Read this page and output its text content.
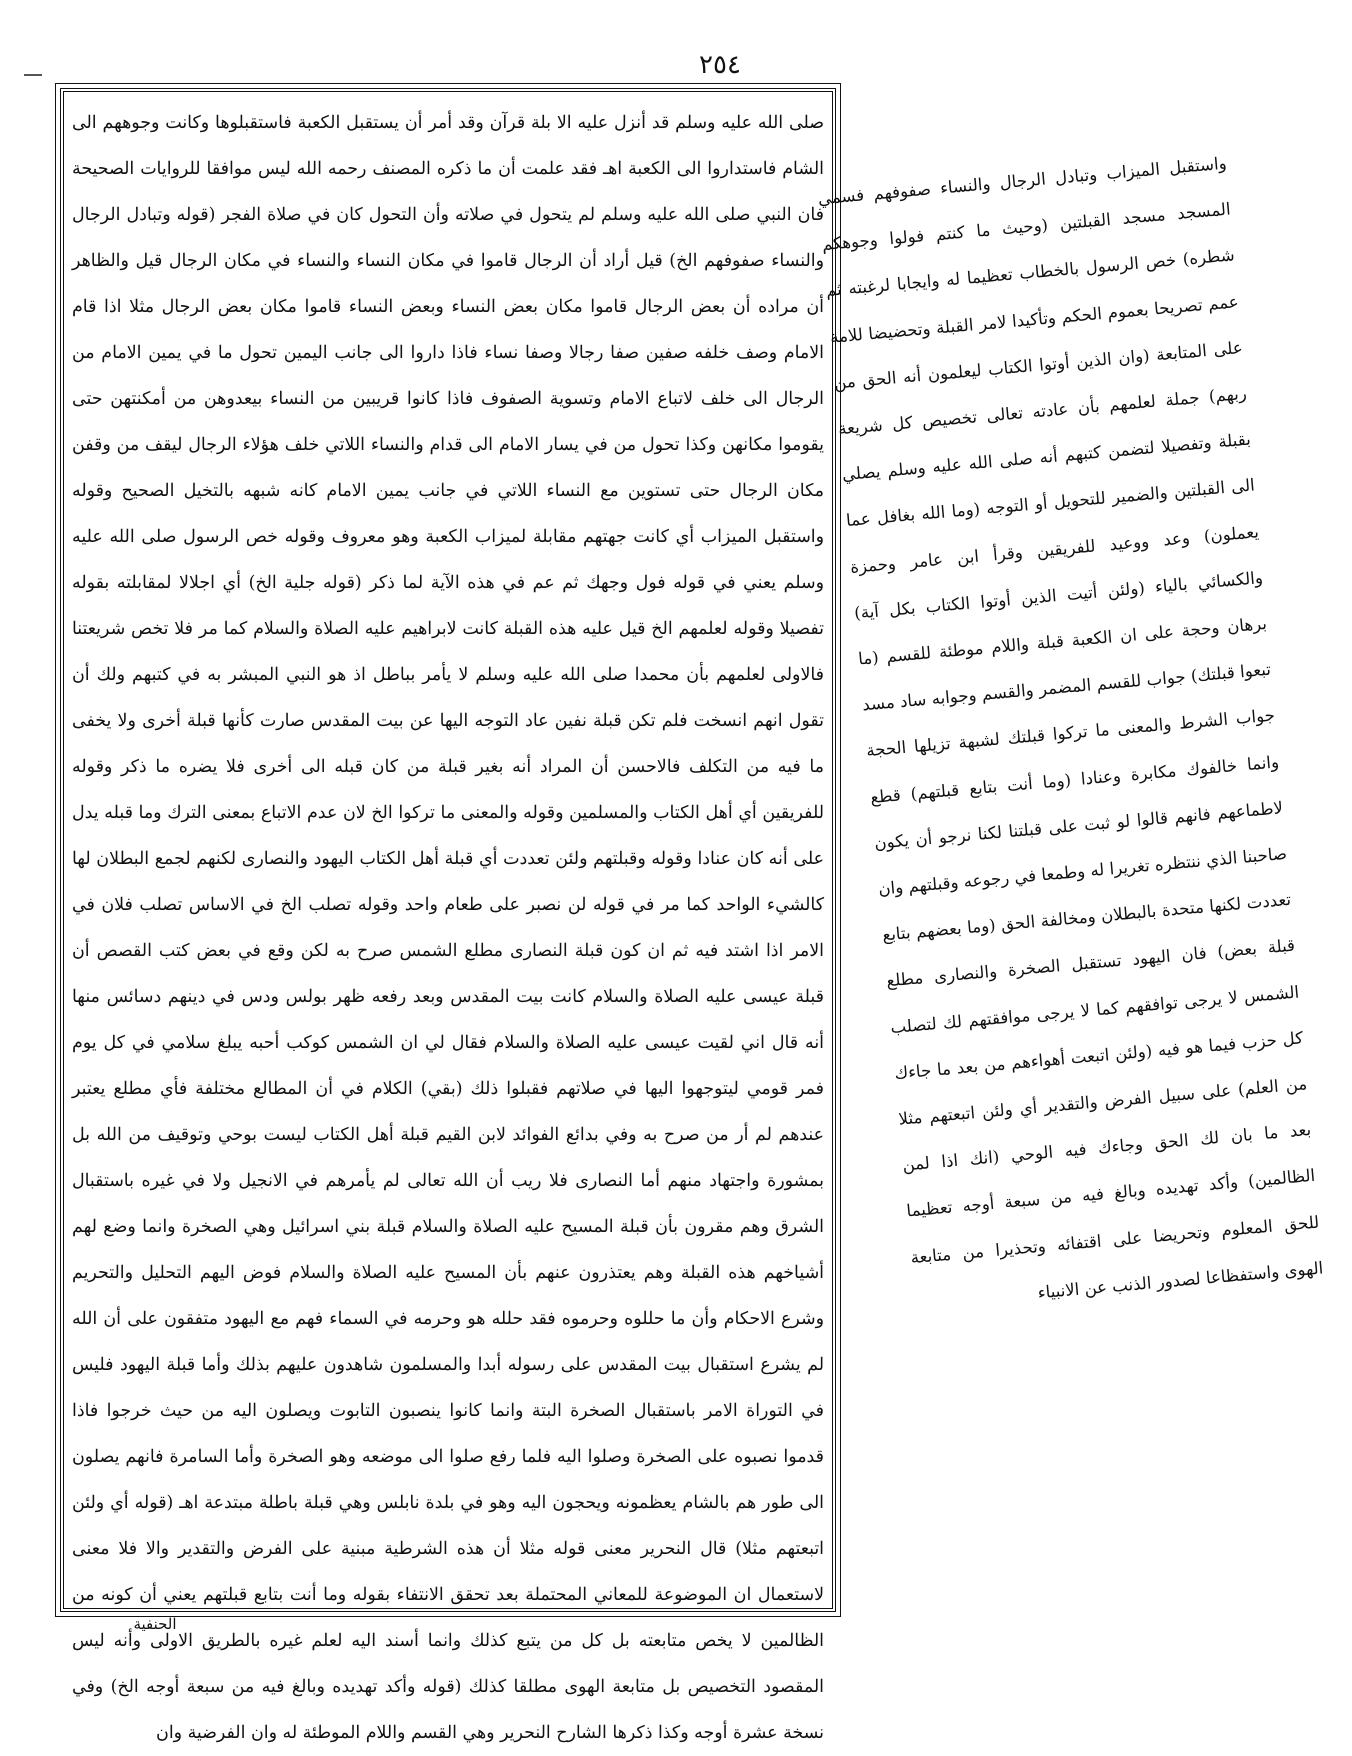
٢٥٤
صلى الله عليه وسلم قد أنزل عليه الا بلة قرآن وقد أمر أن يستقبل الكعبة فاستقبلوها وكانت وجوههم الى الشام فاستداروا الى الكعبة اهـ فقد علمت أن ما ذكره المصنف رحمه الله ليس موافقا للروايات الصحيحة فان النبي صلى الله عليه وسلم لم يتحول في صلاته وأن التحول كان في صلاة الفجر (قوله وتبادل الرجال والنساء صفوفهم الخ) قيل أراد أن الرجال قاموا في مكان النساء والنساء في مكان الرجال قيل والظاهر أن مراده أن بعض الرجال قاموا مكان بعض النساء وبعض النساء قاموا مكان بعض الرجال مثلا اذا قام الامام وصف خلفه صفين صفا رجالا وصفا نساء فاذا داروا الى جانب اليمين تحول ما في يمين الامام من الرجال الى خلف لاتباع الامام وتسوية الصفوف فاذا كانوا قريبين من النساء بيعدوهن من أمكنتهن حتى يقوموا مكانهن وكذا تحول من في يسار الامام الى قدام والنساء اللاتي خلف هؤلاء الرجال ليقف من وقفن مكان الرجال حتى تستوين مع النساء اللاتي في جانب يمين الامام كانه شبهه بالتخيل الصحيح وقوله واستقبل الميزاب أي كانت جهتهم مقابلة لميزاب الكعبة وهو معروف وقوله خص الرسول صلى الله عليه وسلم يعني في قوله فول وجهك ثم عم في هذه الآية لما ذكر (قوله جلية الخ) أي اجلالا لمقابلته بقوله تفصيلا وقوله لعلمهم الخ قيل عليه هذه القبلة كانت لابراهيم عليه الصلاة والسلام كما مر فلا تخص شريعتنا فالاولى لعلمهم بأن محمدا صلى الله عليه وسلم لا يأمر بباطل اذ هو النبي المبشر به في كتبهم ولك أن تقول انهم انسخت فلم تكن قبلة نفين عاد التوجه اليها عن بيت المقدس صارت كأنها قبلة أخرى ولا يخفى ما فيه من التكلف فالاحسن أن المراد أنه بغير قبلة من كان قبله الى أخرى فلا يضره ما ذكر وقوله للفريقين أي أهل الكتاب والمسلمين وقوله والمعنى ما تركوا الخ لان عدم الاتباع بمعنى الترك وما قبله يدل على أنه كان عنادا وقوله وقبلتهم ولئن تعددت أي قبلة أهل الكتاب اليهود والنصارى لكنهم لجمع البطلان لها كالشيء الواحد كما مر في قوله لن نصبر على طعام واحد وقوله تصلب الخ في الاساس تصلب فلان في الامر اذا اشتد فيه ثم ان كون قبلة النصارى مطلع الشمس صرح به لكن وقع في بعض كتب القصص أن قبلة عيسى عليه الصلاة والسلام كانت بيت المقدس وبعد رفعه ظهر بولس ودس في دينهم دسائس منها أنه قال اني لقيت عيسى عليه الصلاة والسلام فقال لي ان الشمس كوكب أحبه يبلغ سلامي في كل يوم فمر قومي ليتوجهوا اليها في صلاتهم فقبلوا ذلك (بقي) الكلام في أن المطالع مختلفة فأي مطلع يعتبر عندهم لم أر من صرح به وفي بدائع الفوائد لابن القيم قبلة أهل الكتاب ليست بوحي وتوقيف من الله بل بمشورة واجتهاد منهم أما النصارى فلا ريب أن الله تعالى لم يأمرهم في الانجيل ولا في غيره باستقبال الشرق وهم مقرون بأن قبلة المسيح عليه الصلاة والسلام قبلة بني اسرائيل وهي الصخرة وانما وضع لهم أشياخهم هذه القبلة وهم يعتذرون عنهم بأن المسيح عليه الصلاة والسلام فوض اليهم التحليل والتحريم وشرع الاحكام وأن ما حللوه وحرموه فقد حلله هو وحرمه في السماء فهم مع اليهود متفقون على أن الله لم يشرع استقبال بيت المقدس على رسوله أبدا والمسلمون شاهدون عليهم بذلك وأما قبلة اليهود فليس في التوراة الامر باستقبال الصخرة البتة وانما كانوا ينصبون التابوت ويصلون اليه من حيث خرجوا فاذا قدموا نصبوه على الصخرة وصلوا اليه فلما رفع صلوا الى موضعه وهو الصخرة وأما السامرة فانهم يصلون الى طور هم بالشام يعظمونه ويحجون اليه وهو في بلدة نابلس وهي قبلة باطلة مبتدعة اهـ (قوله أي ولئن اتبعتهم مثلا) قال النحرير معنى قوله مثلا أن هذه الشرطية مبنية على الفرض والتقدير والا فلا معنى لاستعمال ان الموضوعة للمعاني المحتملة بعد تحقق الانتفاء بقوله وما أنت بتابع قبلتهم يعني أن كونه من الظالمين لا يخص متابعته بل كل من يتبع كذلك وانما أسند اليه لعلم غيره بالطريق الاولى وأنه ليس المقصود التخصيص بل متابعة الهوى مطلقا كذلك (قوله وأكد تهديده وبالغ فيه من سبعة أوجه الخ) وفي نسخة عشرة أوجه وكذا ذكرها الشارح النحرير وهي القسم واللام الموطئة له وان الفرضية وان
واستقبل الميزاب وتبادل الرجال والنساء صفوفهم فسمي المسجد مسجد القبلتين (وحيث ما كنتم فولوا وجوهكم شطره) خص الرسول بالخطاب تعظيما له وايجابا لرغبته ثم عمم تصريحا بعموم الحكم وتأكيدا لامر القبلة وتحضيضا للامة على المتابعة (وان الذين أوتوا الكتاب ليعلمون أنه الحق من ربهم) جملة لعلمهم بأن عادته تعالى تخصيص كل شريعة بقبلة وتفصيلا لتضمن كتبهم أنه صلى الله عليه وسلم يصلي الى القبلتين والضمير للتحويل أو التوجه (وما الله بغافل عما يعملون) وعد ووعيد للفريقين وقرأ ابن عامر وحمزة والكسائي بالياء (ولئن أتيت الذين أوتوا الكتاب بكل آية) برهان وحجة على ان الكعبة قبلة واللام موطئة للقسم (ما تبعوا قبلتك) جواب للقسم المضمر والقسم وجوابه ساد مسد جواب الشرط والمعنى ما تركوا قبلتك لشبهة تزيلها الحجة وانما خالفوك مكابرة وعنادا (وما أنت بتابع قبلتهم) قطع لاطماعهم فانهم قالوا لو ثبت على قبلتنا لكنا نرجو أن يكون صاحبنا الذي ننتظره تغريرا له وطمعا في رجوعه وقبلتهم وان تعددت لكنها متحدة بالبطلان ومخالفة الحق (وما بعضهم بتابع قبلة بعض) فان اليهود تستقبل الصخرة والنصارى مطلع الشمس لا يرجى توافقهم كما لا يرجى موافقتهم لك لتصلب كل حزب فيما هو فيه (ولئن اتبعت أهواءهم من بعد ما جاءك من العلم) على سبيل الفرض والتقدير أي ولئن اتبعتهم مثلا بعد ما بان لك الحق وجاءك فيه الوحي (انك اذا لمن الظالمين) وأكد تهديده وبالغ فيه من سبعة أوجه تعظيما للحق المعلوم وتحريضا على اقتفائه وتحذيرا من متابعة الهوى واستفظاعا لصدور الذنب عن الانبياء
الحنفية
